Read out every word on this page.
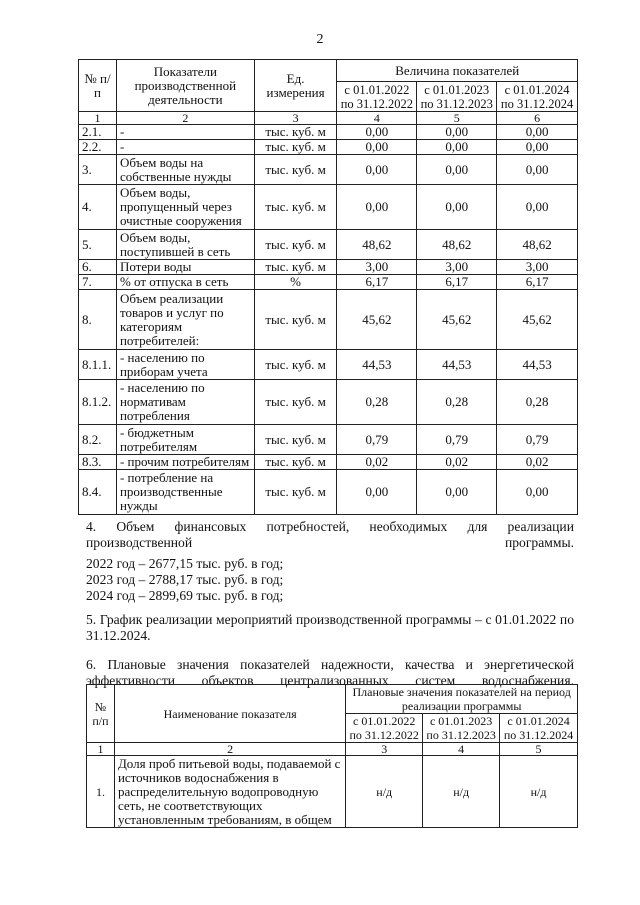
2
№ п/п	Показатели производственной деятельности	Ед. измерения	Величина показателей		
			с 01.01.2022 по 31.12.2022	с 01.01.2023 по 31.12.2023	с 01.01.2024 по 31.12.2024
1	2	3	4	5	6
2.1.	-	тыс. куб. м	0,00	0,00	0,00
2.2.	-	тыс. куб. м	0,00	0,00	0,00
3.	Объем воды на собственные нужды	тыс. куб. м	0,00	0,00	0,00
4.	Объем воды, пропущенный через очистные сооружения	тыс. куб. м	0,00	0,00	0,00
5.	Объем воды, поступившей в сеть	тыс. куб. м	48,62	48,62	48,62
6.	Потери воды	тыс. куб. м	3,00	3,00	3,00
7.	% от отпуска в сеть	%	6,17	6,17	6,17
8.	Объем реализации товаров и услуг по категориям потребителей:	тыс. куб. м	45,62	45,62	45,62
8.1.1.	- населению по приборам учета	тыс. куб. м	44,53	44,53	44,53
8.1.2.	- населению по нормативам потребления	тыс. куб. м	0,28	0,28	0,28
8.2.	- бюджетным потребителям	тыс. куб. м	0,79	0,79	0,79
8.3.	- прочим потребителям	тыс. куб. м	0,02	0,02	0,02
8.4.	- потребление на производственные нужды	тыс. куб. м	0,00	0,00	0,00
4. Объем финансовых потребностей, необходимых для реализации производственной программы.
2022 год – 2677,15 тыс. руб. в год;
2023 год – 2788,17 тыс. руб. в год;
2024 год – 2899,69 тыс. руб. в год;
5. График реализации мероприятий производственной программы – с 01.01.2022 по 31.12.2024.
6. Плановые значения показателей надежности, качества и энергетической эффективности объектов централизованных систем водоснабжения.
№ п/п	Наименование показателя	Плановые значения показателей на период реализации программы		
		с 01.01.2022 по 31.12.2022	с 01.01.2023 по 31.12.2023	с 01.01.2024 по 31.12.2024
1	2	3	4	5
1.	Доля проб питьевой воды, подаваемой с источников водоснабжения в распределительную водопроводную сеть, не соответствующих установленным требованиям, в общем	н/д	н/д	н/д
